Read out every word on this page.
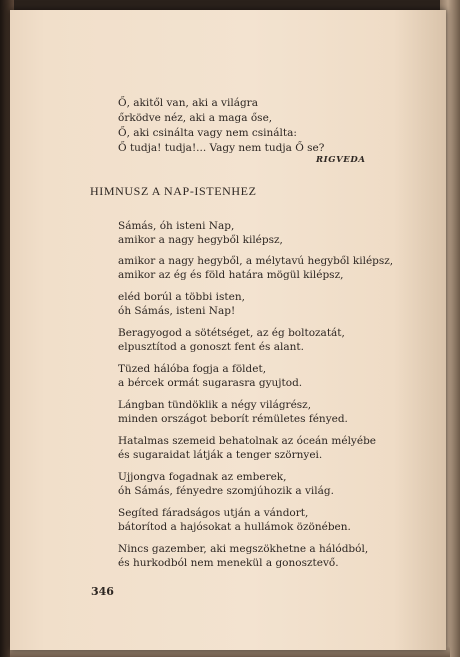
Ő, akitől van, aki a világra
őrködve néz, aki a maga őse,
Ő, aki csinálta vagy nem csinálta:
Ő tudja! tudja!... Vagy nem tudja Ő se?
RIGVEDA
HIMNUSZ A NAP-ISTENHEZ
Sámás, óh isteni Nap,
amikor a nagy hegyből kilépsz,
amikor a nagy hegyből, a mélytavú hegyből kilépsz,
amikor az ég és föld határa mögül kilépsz,
eléd borúl a többi isten,
óh Sámás, isteni Nap!
Beragyogod a sötétséget, az ég boltozatát,
elpusztítod a gonoszt fent és alant.
Tüzed hálóba fogja a földet,
a bércek ormát sugarasra gyujtod.
Lángban tündöklik a négy világrész,
minden országot beborít rémületes fényed.
Hatalmas szemeid behatolnak az óceán mélyébe
és sugaraidat látják a tenger szörnyei.
Ujjongva fogadnak az emberek,
óh Sámás, fényedre szomjúhozik a világ.
Segíted fáradságos utján a vándort,
bátorítod a hajósokat a hullámok özönében.
Nincs gazember, aki megszökhetne a hálódból,
és hurkodból nem menekül a gonosztevő.
346
